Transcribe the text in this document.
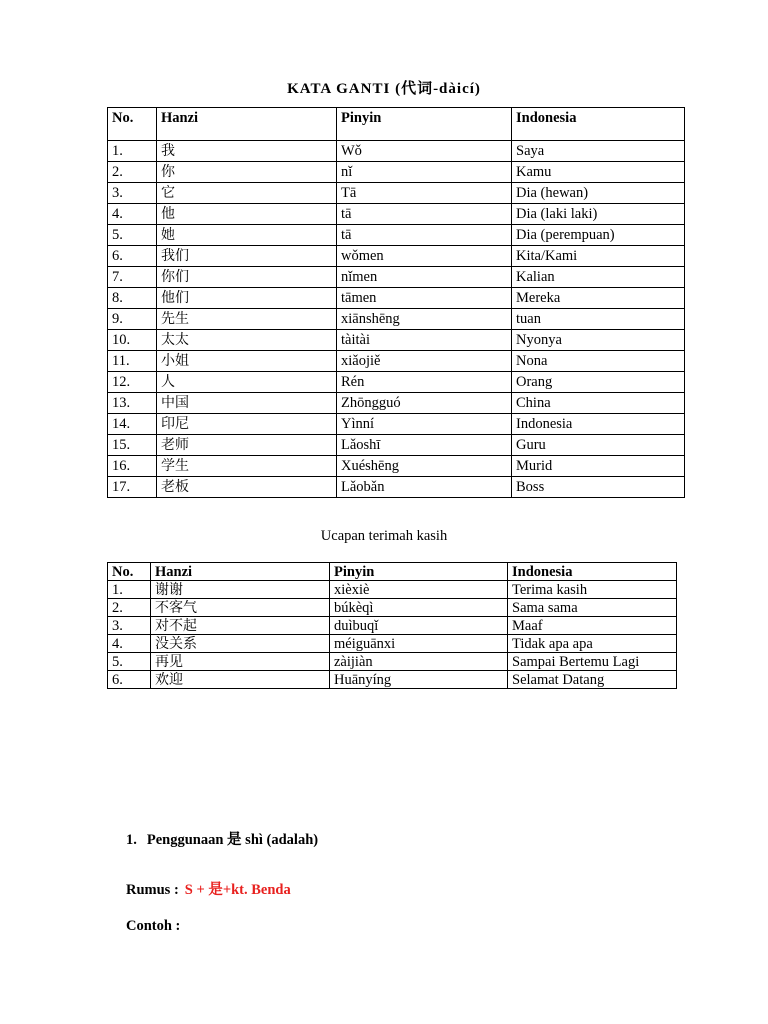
KATA GANTI (代词-dàicí)
No.	Hanzi	Pinyin	Indonesia
1.	我	Wǒ	Saya
2.	你	nǐ	Kamu
3.	它	Tā	Dia (hewan)
4.	他	tā	Dia (laki laki)
5.	她	tā	Dia (perempuan)
6.	我们	wǒmen	Kita/Kami
7.	你们	nǐmen	Kalian
8.	他们	tāmen	Mereka
9.	先生	xiānshēng	tuan
10.	太太	tàitài	Nyonya
11.	小姐	xiǎojiě	Nona
12.	人	Rén	Orang
13.	中国	Zhōngguó	China
14.	印尼	Yìnní	Indonesia
15.	老师	Lǎoshī	Guru
16.	学生	Xuéshēng	Murid
17.	老板	Lǎobǎn	Boss
Ucapan terimah kasih
No.	Hanzi	Pinyin	Indonesia
1.	谢谢	xièxiè	Terima kasih
2.	不客气	búkèqì	Sama sama
3.	对不起	duìbuqǐ	Maaf
4.	没关系	méiguānxi	Tidak apa apa
5.	再见	zàijiàn	Sampai Bertemu Lagi
6.	欢迎	Huānyíng	Selamat Datang
1. Penggunaan 是 shì (adalah)
Rumus : S + 是+kt. Benda
Contoh :
